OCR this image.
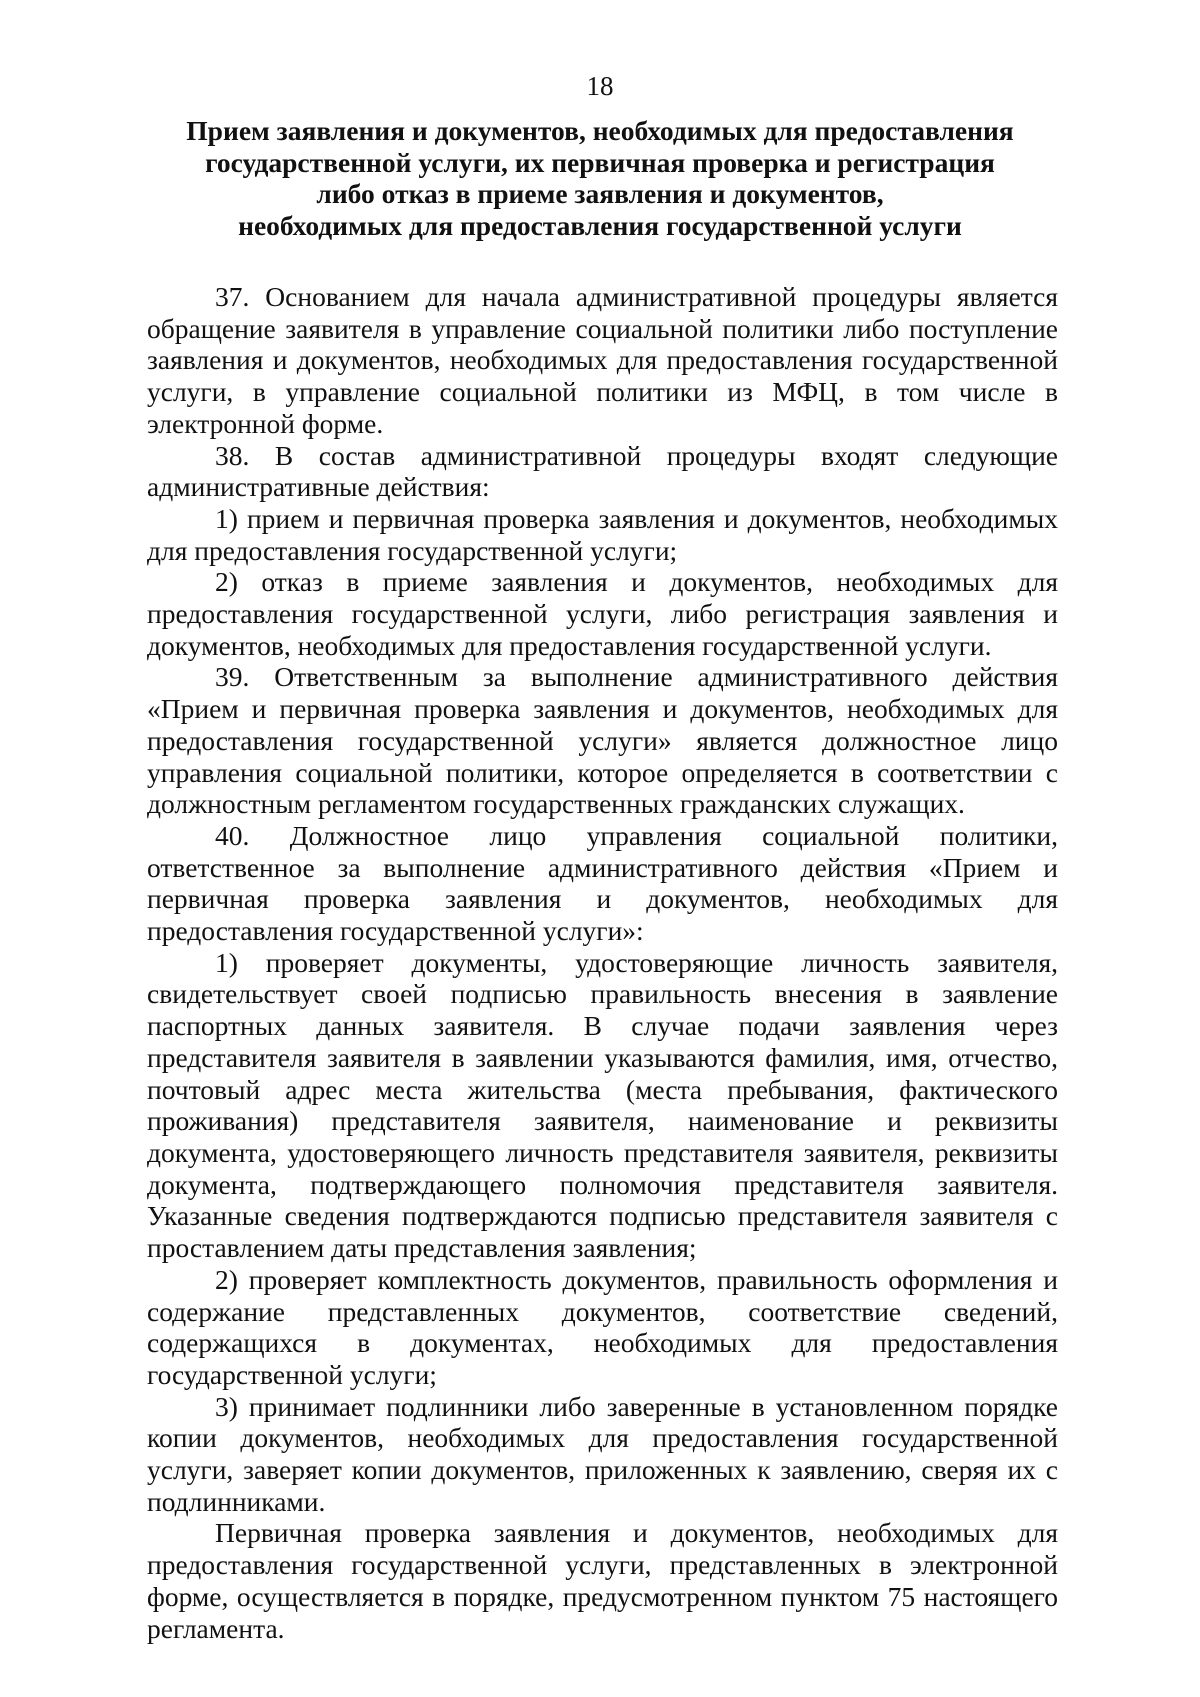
18
Прием заявления и документов, необходимых для предоставления
государственной услуги, их первичная проверка и регистрация
либо отказ в приеме заявления и документов,
необходимых для предоставления государственной услуги

37. Основанием для начала административной процедуры является обращение заявителя в управление социальной политики либо поступление заявления и документов, необходимых для предоставления государственной услуги, в управление социальной политики из МФЦ, в том числе в электронной форме.

38. В состав административной процедуры входят следующие административные действия:

1) прием и первичная проверка заявления и документов, необходимых для предоставления государственной услуги;

2) отказ в приеме заявления и документов, необходимых для предоставления государственной услуги, либо регистрация заявления и документов, необходимых для предоставления государственной услуги.

39. Ответственным за выполнение административного действия «Прием и первичная проверка заявления и документов, необходимых для предоставления государственной услуги» является должностное лицо управления социальной политики, которое определяется в соответствии с должностным регламентом государственных гражданских служащих.

40. Должностное лицо управления социальной политики, ответственное за выполнение административного действия «Прием и первичная проверка заявления и документов, необходимых для предоставления государственной услуги»:

1) проверяет документы, удостоверяющие личность заявителя, свидетельствует своей подписью правильность внесения в заявление паспортных данных заявителя. В случае подачи заявления через представителя заявителя в заявлении указываются фамилия, имя, отчество, почтовый адрес места жительства (места пребывания, фактического проживания) представителя заявителя, наименование и реквизиты документа, удостоверяющего личность представителя заявителя, реквизиты документа, подтверждающего полномочия представителя заявителя. Указанные сведения подтверждаются подписью представителя заявителя с проставлением даты представления заявления;

2) проверяет комплектность документов, правильность оформления и содержание представленных документов, соответствие сведений, содержащихся в документах, необходимых для предоставления государственной услуги;

3) принимает подлинники либо заверенные в установленном порядке копии документов, необходимых для предоставления государственной услуги, заверяет копии документов, приложенных к заявлению, сверяя их с подлинниками.

Первичная проверка заявления и документов, необходимых для предоставления государственной услуги, представленных в электронной форме, осуществляется в порядке, предусмотренном пунктом 75 настоящего регламента.
